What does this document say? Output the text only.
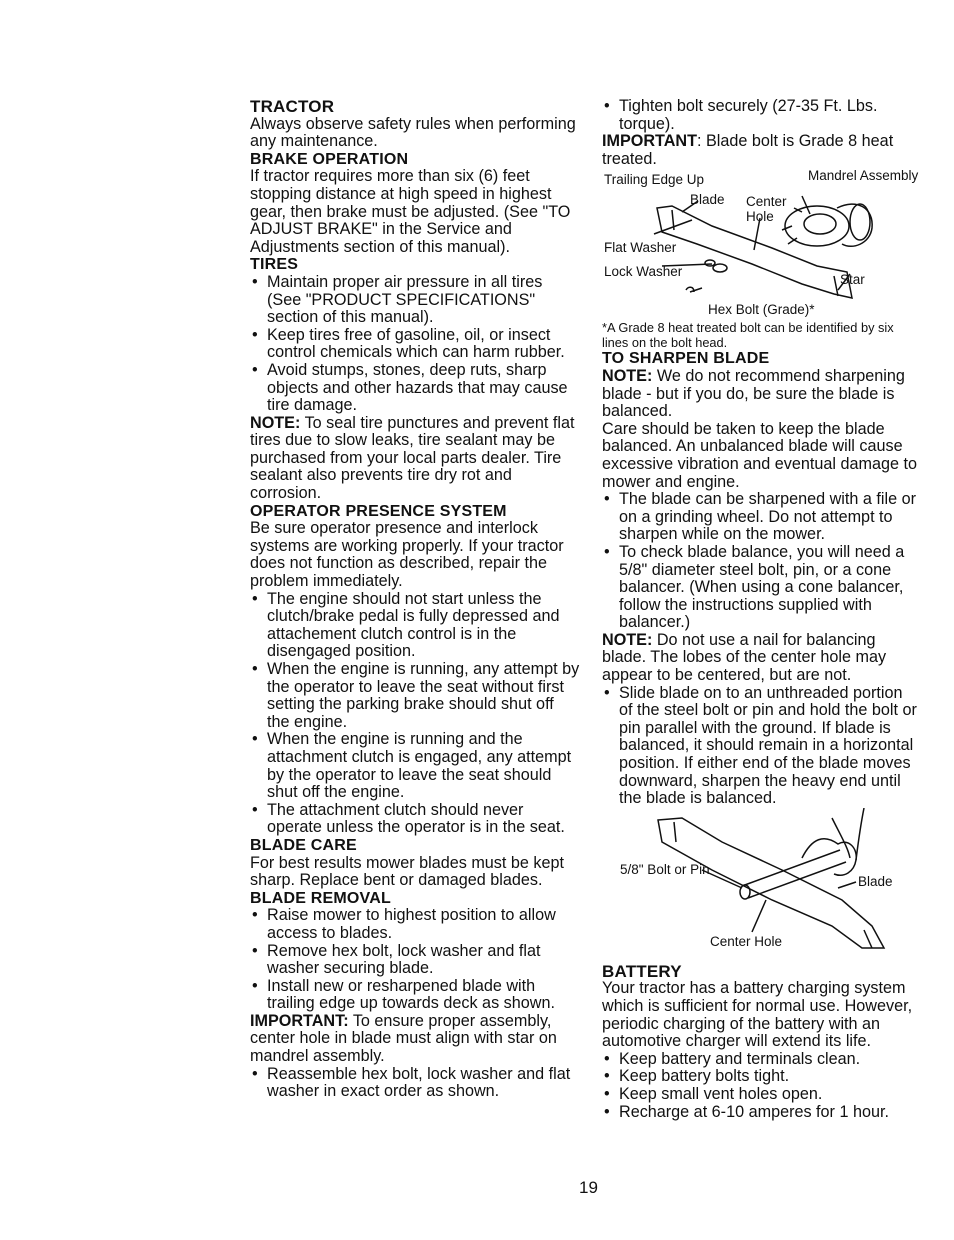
TRACTOR

Always observe safety rules when performing any maintenance.

BRAKE OPERATION

If tractor requires more than six (6) feet stopping distance at high speed in highest gear, then brake must be adjusted. (See "TO ADJUST BRAKE" in the Service and Adjustments section of this manual).

TIRES
• Maintain proper air pressure in all tires (See "PRODUCT SPECIFICATIONS" section of this manual).
• Keep tires free of gasoline, oil, or insect control chemicals which can harm rubber.
• Avoid stumps, stones, deep ruts, sharp objects and other hazards that may cause tire damage.

NOTE: To seal tire punctures and prevent flat tires due to slow leaks, tire sealant may be purchased from your local parts dealer. Tire sealant also prevents tire dry rot and corrosion.

OPERATOR PRESENCE SYSTEM

Be sure operator presence and interlock systems are working properly. If your tractor does not function as described, repair the problem immediately.

• The engine should not start unless the clutch/brake pedal is fully depressed and attachement clutch control is in the disengaged position.
• When the engine is running, any attempt by the operator to leave the seat without first setting the parking brake should shut off the engine.
• When the engine is running and the attachment clutch is engaged, any attempt by the operator to leave the seat should shut off the engine.
• The attachment clutch should never operate unless the operator is in the seat.
BLADE CARE

For best results mower blades must be kept sharp. Replace bent or damaged blades.

BLADE REMOVAL
• Raise mower to highest position to allow access to blades.
• Remove hex bolt, lock washer and flat washer securing blade.
• Install new or resharpened blade with trailing edge up towards deck as shown.

IMPORTANT: To ensure proper assembly, center hole in blade must align with star on mandrel assembly.

• Reassemble hex bolt, lock washer and flat washer in exact order as shown.
• Tighten bolt securely (27-35 Ft. Lbs. torque).

IMPORTANT: Blade bolt is Grade 8 heat treated.

Trailing Edge Up	Mandrel Assembly
Blade Center Hole
Flat Washer
Lock Washer
Star
Hex Bolt (Grade)*

*A Grade 8 heat treated bolt can be identified by six lines on the bolt head.

TO SHARPEN BLADE

NOTE: We do not recommend sharpening blade - but if you do, be sure the blade is balanced.

Care should be taken to keep the blade balanced. An unbalanced blade will cause excessive vibration and eventual damage to mower and engine.

• The blade can be sharpened with a file or on a grinding wheel. Do not attempt to sharpen while on the mower.
• To check blade balance, you will need a 5/8" diameter steel bolt, pin, or a cone balancer. (When using a cone balancer, follow the instructions supplied with balancer.)

NOTE: Do not use a nail for balancing blade. The lobes of the center hole may appear to be centered, but are not.

• Slide blade on to an unthreaded portion of the steel bolt or pin and hold the bolt or pin parallel with the ground. If blade is balanced, it should remain in a horizontal position. If either end of the blade moves downward, sharpen the heavy end until the blade is balanced.
5/8" Bolt or Pin
Blade
Center Hole
BATTERY

Your tractor has a battery charging system which is sufficient for normal use. However, periodic charging of the battery with an automotive charger will extend its life.

• Keep battery and terminals clean.
• Keep battery bolts tight.
• Keep small vent holes open.
• Recharge at 6-10 amperes for 1 hour.
19
